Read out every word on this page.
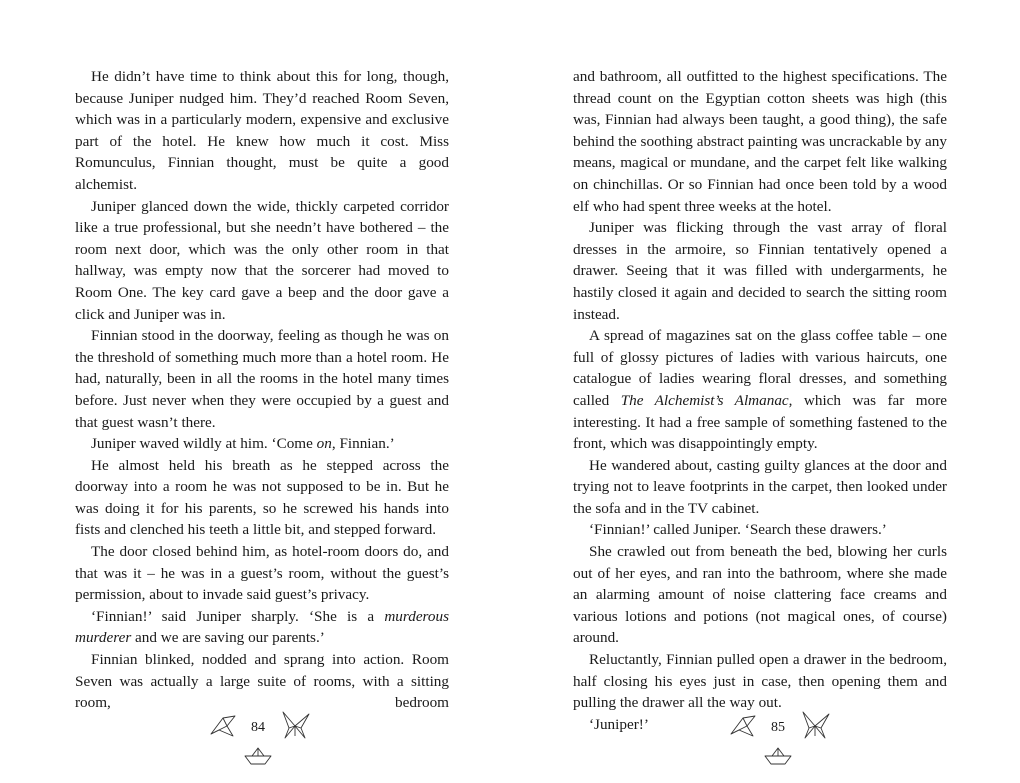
He didn’t have time to think about this for long, though, because Juniper nudged him. They’d reached Room Seven, which was in a particularly modern, expensive and exclusive part of the hotel. He knew how much it cost. Miss Romunculus, Finnian thought, must be quite a good alchemist.

Juniper glanced down the wide, thickly carpeted corridor like a true professional, but she needn’t have bothered – the room next door, which was the only other room in that hallway, was empty now that the sorcerer had moved to Room One. The key card gave a beep and the door gave a click and Juniper was in.

Finnian stood in the doorway, feeling as though he was on the threshold of something much more than a hotel room. He had, naturally, been in all the rooms in the hotel many times before. Just never when they were occupied by a guest and that guest wasn’t there.

Juniper waved wildly at him. ‘Come on, Finnian.’

He almost held his breath as he stepped across the doorway into a room he was not supposed to be in. But he was doing it for his parents, so he screwed his hands into fists and clenched his teeth a little bit, and stepped forward.

The door closed behind him, as hotel-room doors do, and that was it – he was in a guest’s room, without the guest’s permission, about to invade said guest’s privacy.

‘Finnian!’ said Juniper sharply. ‘She is a murderous murderer and we are saving our parents.’

Finnian blinked, nodded and sprang into action. Room Seven was actually a large suite of rooms, with a sitting room, bedroom

and bathroom, all outfitted to the highest specifications. The thread count on the Egyptian cotton sheets was high (this was, Finnian had always been taught, a good thing), the safe behind the soothing abstract painting was uncrackable by any means, magical or mundane, and the carpet felt like walking on chinchillas. Or so Finnian had once been told by a wood elf who had spent three weeks at the hotel.

Juniper was flicking through the vast array of floral dresses in the armoire, so Finnian tentatively opened a drawer. Seeing that it was filled with undergarments, he hastily closed it again and decided to search the sitting room instead.

A spread of magazines sat on the glass coffee table – one full of glossy pictures of ladies with various haircuts, one catalogue of ladies wearing floral dresses, and something called The Alchemist’s Almanac, which was far more interesting. It had a free sample of something fastened to the front, which was disappointingly empty.

He wandered about, casting guilty glances at the door and trying not to leave footprints in the carpet, then looked under the sofa and in the TV cabinet.

‘Finnian!’ called Juniper. ‘Search these drawers.’

She crawled out from beneath the bed, blowing her curls out of her eyes, and ran into the bathroom, where she made an alarming amount of noise clattering face creams and various lotions and potions (not magical ones, of course) around.

Reluctantly, Finnian pulled open a drawer in the bedroom, half closing his eyes just in case, then opening them and pulling the drawer all the way out.

‘Juniper!’

84	85
